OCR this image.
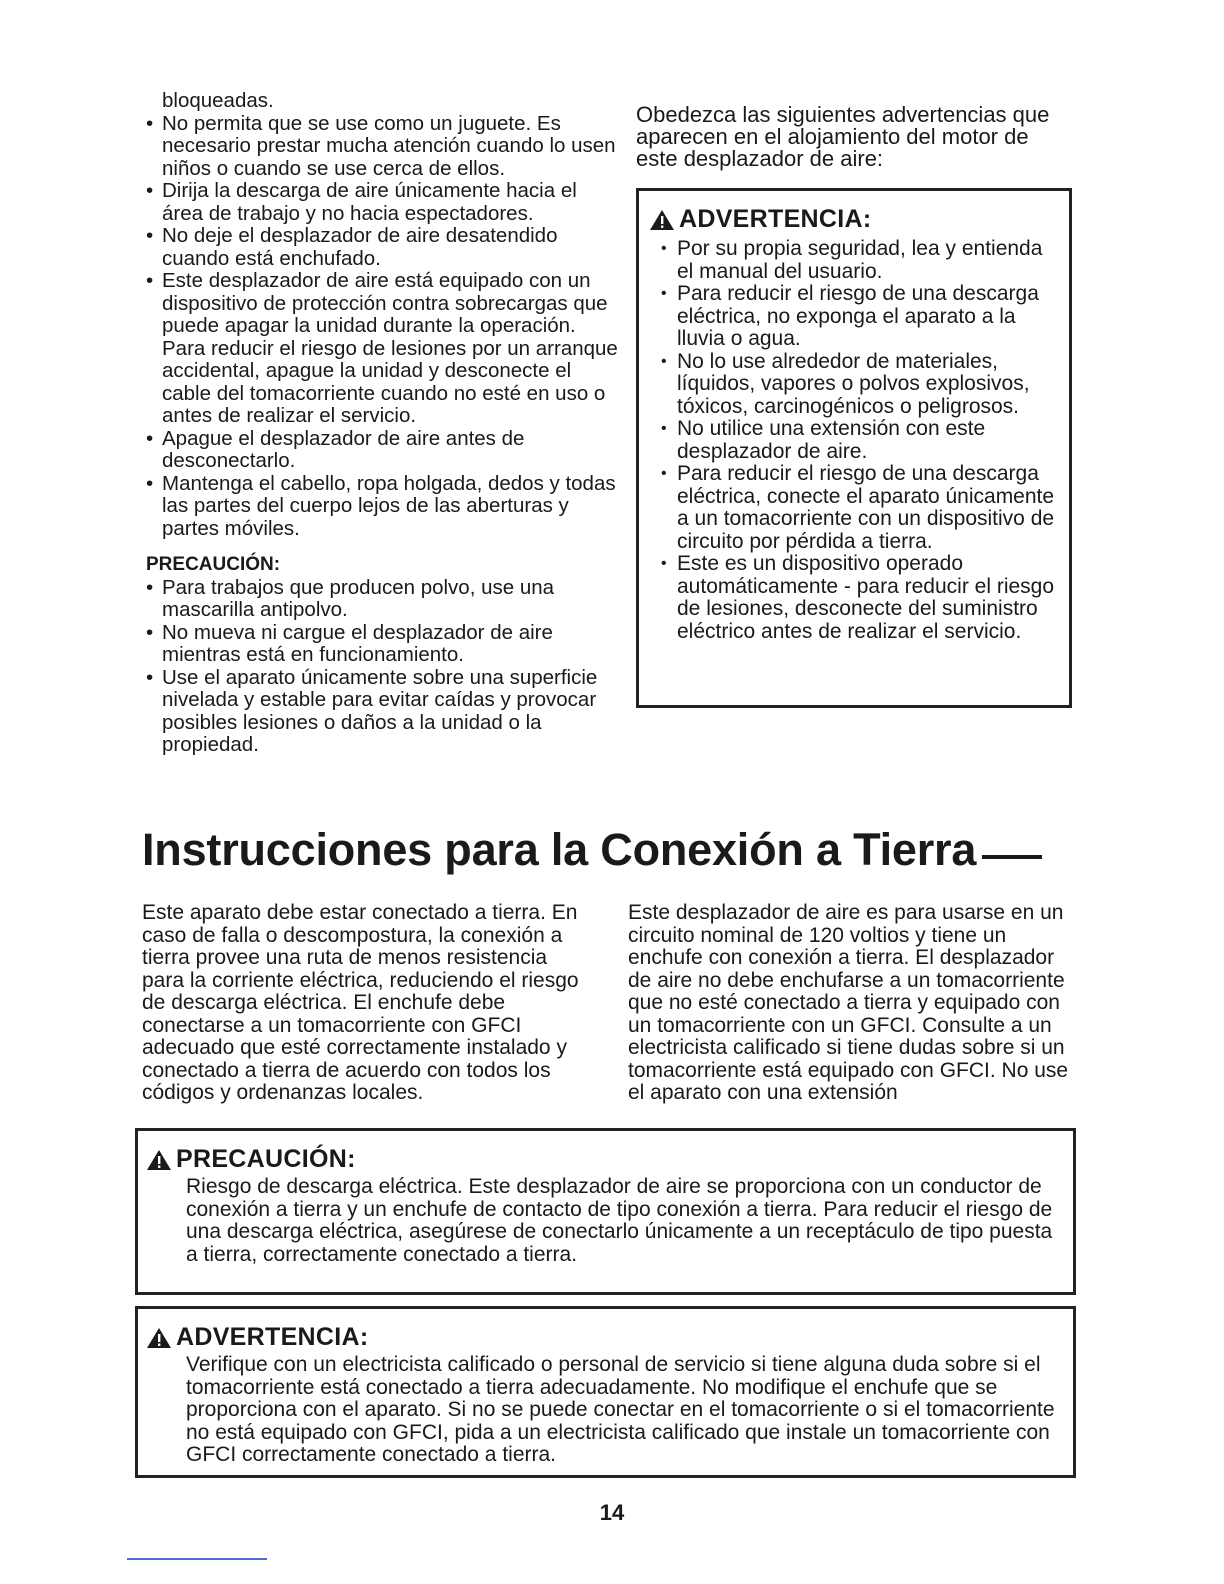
bloqueadas.
• No permita que se use como un juguete. Es necesario prestar mucha atención cuando lo usen niños o cuando se use cerca de ellos.
• Dirija la descarga de aire únicamente hacia el área de trabajo y no hacia espectadores.
• No deje el desplazador de aire desatendido cuando está enchufado.
• Este desplazador de aire está equipado con un dispositivo de protección contra sobrecargas que puede apagar la unidad durante la operación. Para reducir el riesgo de lesiones por un arranque accidental, apague la unidad y desconecte el cable del tomacorriente cuando no esté en uso o antes de realizar el servicio.
• Apague el desplazador de aire antes de desconectarlo.
• Mantenga el cabello, ropa holgada, dedos y todas las partes del cuerpo lejos de las aberturas y partes móviles.
PRECAUCIÓN:
• Para trabajos que producen polvo, use una mascarilla antipolvo.
• No mueva ni cargue el desplazador de aire mientras está en funcionamiento.
• Use el aparato únicamente sobre una superficie nivelada y estable para evitar caídas y provocar posibles lesiones o daños a la unidad o la propiedad.
Obedezca las siguientes advertencias que aparecen en el alojamiento del motor de este desplazador de aire:
ADVERTENCIA:
• Por su propia seguridad, lea y entienda el manual del usuario.
• Para reducir el riesgo de una descarga eléctrica, no exponga el aparato a la lluvia o agua.
• No lo use alrededor de materiales, líquidos, vapores o polvos explosivos, tóxicos, carcinogénicos o peligrosos.
• No utilice una extensión con este desplazador de aire.
• Para reducir el riesgo de una descarga eléctrica, conecte el aparato únicamente a un tomacorriente con un dispositivo de circuito por pérdida a tierra.
• Este es un dispositivo operado automáticamente - para reducir el riesgo de lesiones, desconecte del suministro eléctrico antes de realizar el servicio.
Instrucciones para la Conexión a Tierra
Este aparato debe estar conectado a tierra. En caso de falla o descompostura, la conexión a tierra provee una ruta de menos resistencia para la corriente eléctrica, reduciendo el riesgo de descarga eléctrica. El enchufe debe conectarse a un tomacorriente con GFCI adecuado que esté correctamente instalado y conectado a tierra de acuerdo con todos los códigos y ordenanzas locales.
Este desplazador de aire es para usarse en un circuito nominal de 120 voltios y tiene un enchufe con conexión a tierra. El desplazador de aire no debe enchufarse a un tomacorriente que no esté conectado a tierra y equipado con un tomacorriente con un GFCI. Consulte a un electricista calificado si tiene dudas sobre si un tomacorriente está equipado con GFCI. No use el aparato con una extensión
PRECAUCIÓN:
Riesgo de descarga eléctrica. Este desplazador de aire se proporciona con un conductor de conexión a tierra y un enchufe de contacto de tipo conexión a tierra. Para reducir el riesgo de una descarga eléctrica, asegúrese de conectarlo únicamente a un receptáculo de tipo puesta a tierra, correctamente conectado a tierra.
ADVERTENCIA:
Verifique con un electricista calificado o personal de servicio si tiene alguna duda sobre si el tomacorriente está conectado a tierra adecuadamente. No modifique el enchufe que se proporciona con el aparato. Si no se puede conectar en el tomacorriente o si el tomacorriente no está equipado con GFCI, pida a un electricista calificado que instale un tomacorriente con GFCI correctamente conectado a tierra.
14
